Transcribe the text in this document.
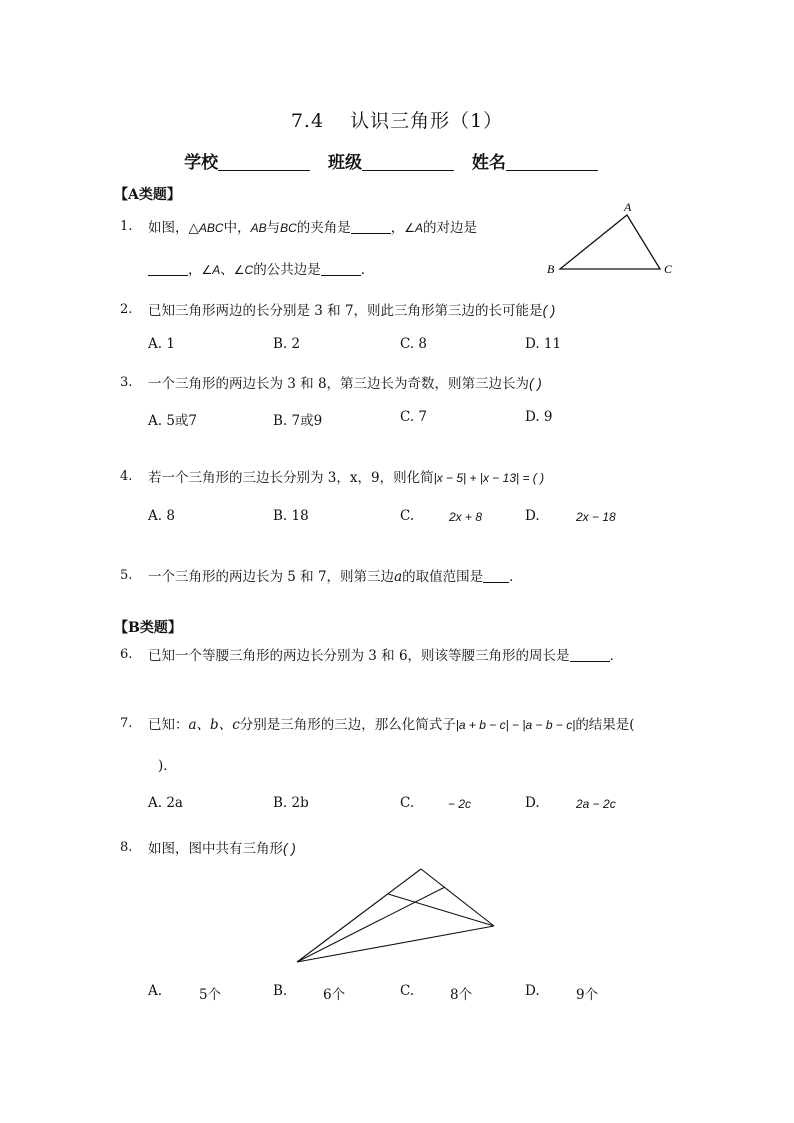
7.4 认识三角形（1）
学校	班级	姓名
【A类题】
1. 如图，△ABC中，AB与BC的夹角是	，∠A的对边是
，∠A、∠C的公共边是	．
A
B	C
2. 已知三角形两边的长分别是 3 和 7，则此三角形第三边的长可能是( )
A. 1	B. 2	C. 8	D. 11
3. 一个三角形的两边长为 3 和 8，第三边长为奇数，则第三边长为( )
A. 5或7	B. 7或9	C. 7	D. 9
4. 若一个三角形的三边长分别为 3，x，9，则化简|x − 5| + |x − 13| = ( )
A. 8	B. 18	C.	2x + 8	D.	2x − 18
5. 一个三角形的两边长为 5 和 7，则第三边a的取值范围是 ．
【B类题】
6. 已知一个等腰三角形的两边长分别为 3 和 6，则该等腰三角形的周长是	．
7. 已知：a、b、c分别是三角形的三边，那么化简式子|a + b − c| − |a − b − c|的结果是(
)．
A. 2a	B. 2b	C.	− 2c	D.	2a − 2c
8. 如图，图中共有三角形( )
A.	5个	B.	6个	C.	8个	D.	9个
